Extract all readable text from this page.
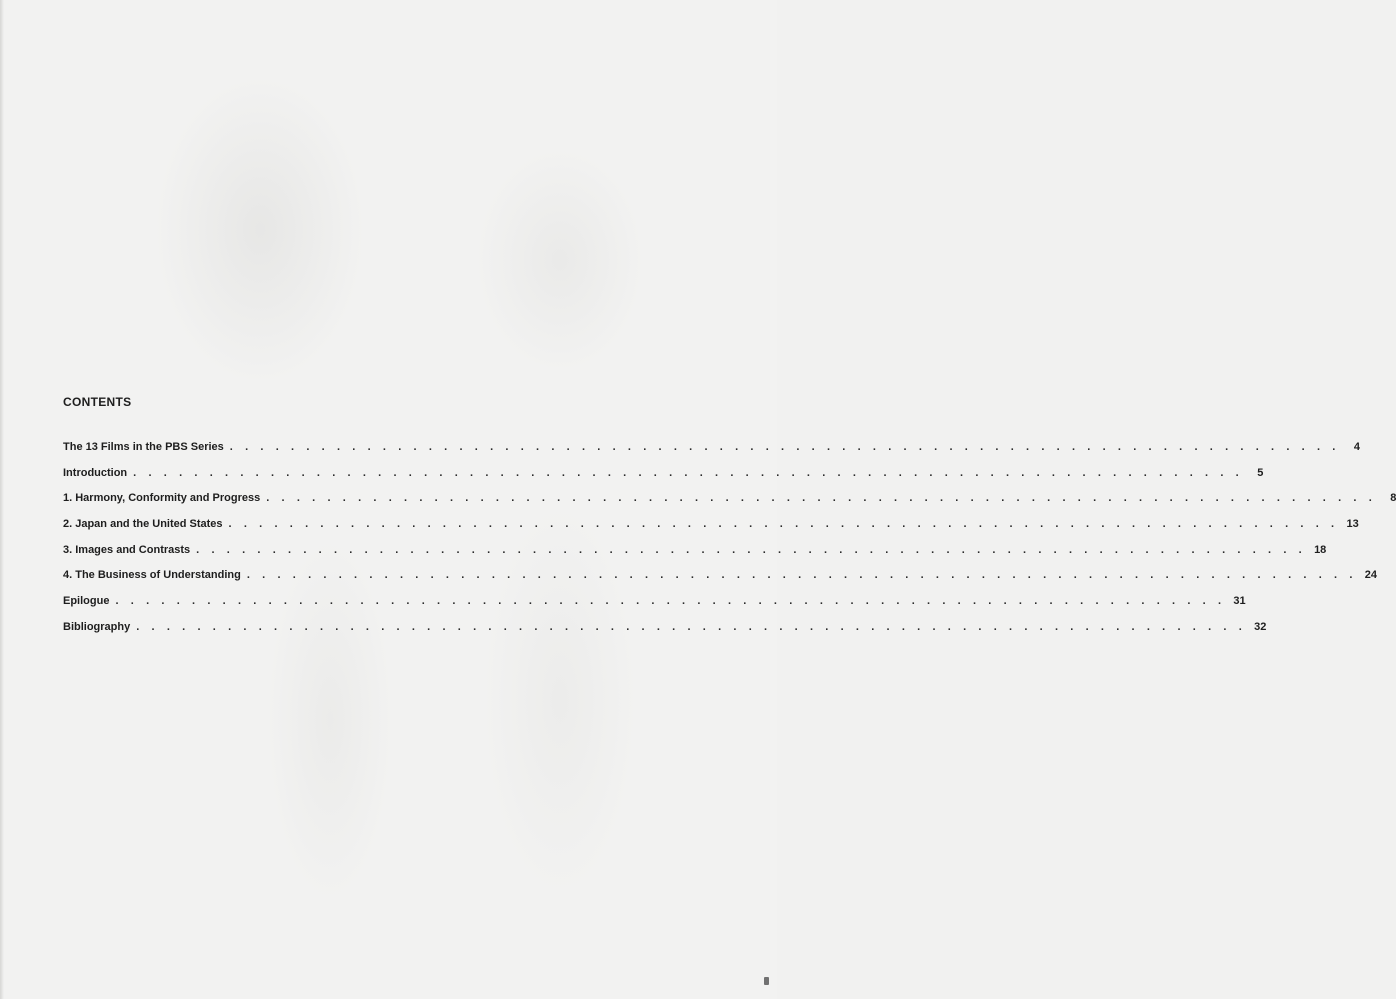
CONTENTS
The 13 Films in the PBS Series . . . . . . . . . . . . . . . . . . . . . . . . . . . . . . . . . . . . . . . . . . . . . . . . . . . . . . . . . . . . . . . . . . . . . . . . .	4
Introduction . . . . . . . . . . . . . . . . . . . . . . . . . . . . . . . . . . . . . . . . . . . . . . . . . . . . . . . . . . . . . . . . . . . . . . . . .	5
1. Harmony, Conformity and Progress . . . . . . . . . . . . . . . . . . . . . . . . . . . . . . . . . . . . . . . . . . . . . . . . . . . . . . . . . . . . . . . . . . . . . . . . .	8
2. Japan and the United States . . . . . . . . . . . . . . . . . . . . . . . . . . . . . . . . . . . . . . . . . . . . . . . . . . . . . . . . . . . . . . . . . . . . . . . . . 13
3. Images and Contrasts . . . . . . . . . . . . . . . . . . . . . . . . . . . . . . . . . . . . . . . . . . . . . . . . . . . . . . . . . . . . . . . . . . . . . . . . . 18
4. The Business of Understanding . . . . . . . . . . . . . . . . . . . . . . . . . . . . . . . . . . . . . . . . . . . . . . . . . . . . . . . . . . . . . . . . . . . . . . . . . 24
Epilogue . . . . . . . . . . . . . . . . . . . . . . . . . . . . . . . . . . . . . . . . . . . . . . . . . . . . . . . . . . . . . . . . . . . . . . . . . 31
Bibliography . . . . . . . . . . . . . . . . . . . . . . . . . . . . . . . . . . . . . . . . . . . . . . . . . . . . . . . . . . . . . . . . . . . . . . . . . 32
